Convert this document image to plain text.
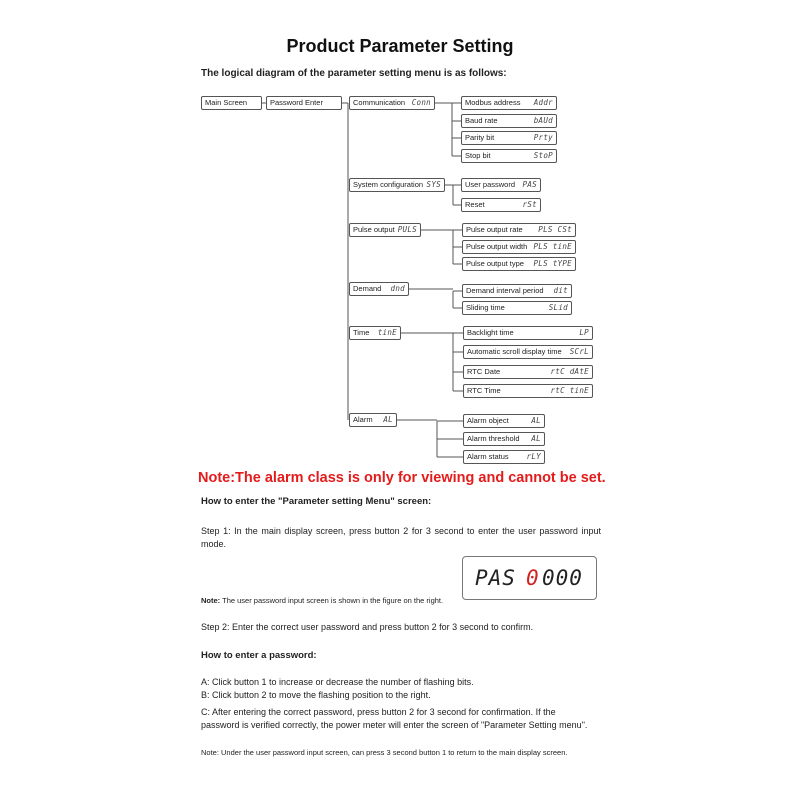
Product Parameter Setting
The logical diagram of the parameter setting menu is as follows:
Main Screen	Password Enter	Communication Conn	Modbus address Addr
Baud rate	bAUd
Parity bit	Prty
Stop bit	StoP
System configuration SYS	User password PAS
Reset	rSt
Pulse output PULS	Pulse output rate PLS CSt
Pulse output width PLS tinE
Pulse output type PLS tYPE
Demand dnd	Demand interval period dit
Sliding time	SLid
Time tinE	Backlight time	LP
Automatic scroll display time SCrL
RTC Date	rtC dAtE
RTC Time	rtC tinE
Alarm AL	Alarm object	AL
Alarm threshold AL
Alarm status rLY
Note:The alarm class is only for viewing and cannot be set.
How to enter the "Parameter setting Menu" screen:
Step 1: In the main display screen, press button 2 for 3 second to enter the user password input mode.
Note: The user password input screen is shown in the figure on the right.
PAS 0 000
Step 2: Enter the correct user password and press button 2 for 3 second to confirm.
How to enter a password:
A: Click button 1 to increase or decrease the number of flashing bits.
B: Click button 2 to move the flashing position to the right.
C: After entering the correct password, press button 2 for 3 second for confirmation. If the
password is verified correctly, the power meter will enter the screen of "Parameter Setting menu".
Note: Under the user password input screen, can press 3 second button 1 to return to the main display screen.
